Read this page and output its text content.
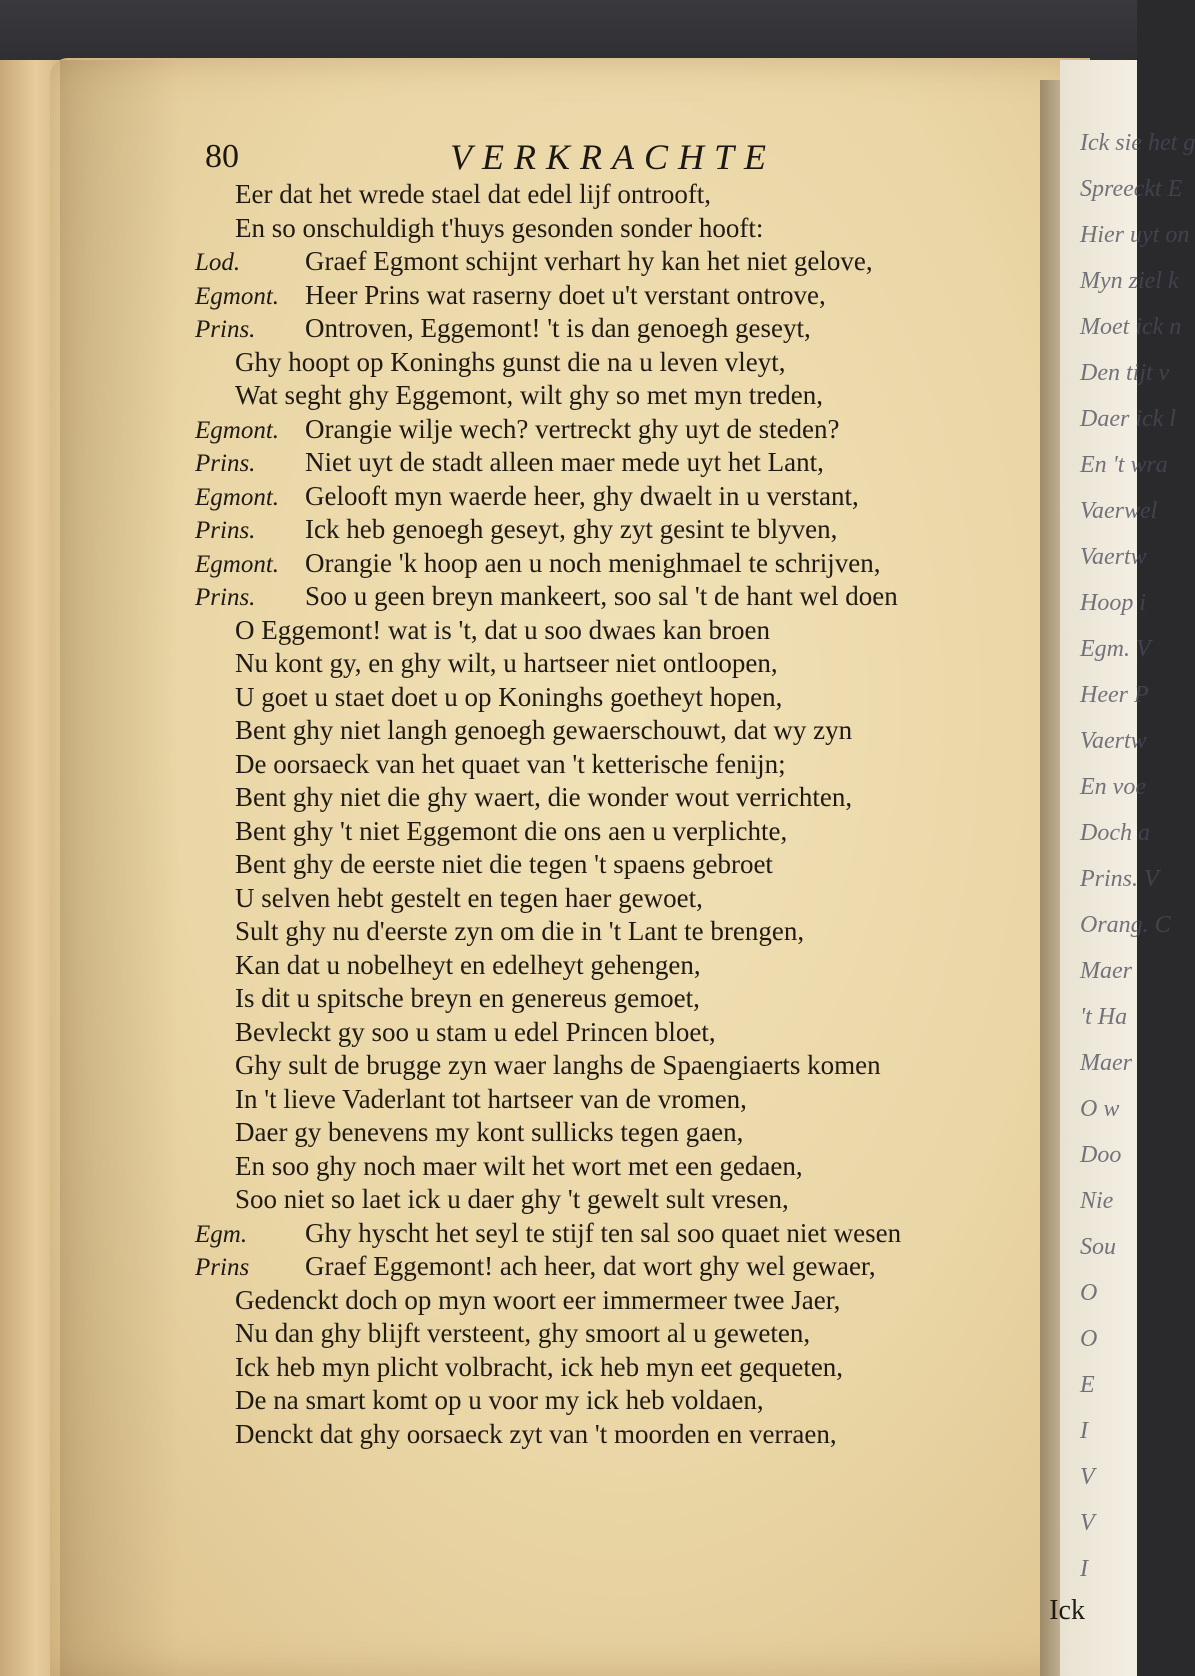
Ick sie het g
Spreeckt E
Hier uyt on
Myn ziel k
Moet ick n
Den tijt v
Daer ick l
En 't wra
Vaerwel
Vaertw
Hoop i
Egm. V
Heer P
Vaertw
En voe
Doch a
Prins. V
Orang. C
Maer
't Ha
Maer
O w
Doo
Nie
Sou
O
O
E
I
V
V
I
80	VERKRACHTE
Eer dat het wrede stael dat edel lijf ontrooft,
En so onschuldigh t'huys gesonden sonder hooft:
Lod. Graef Egmont schijnt verhart hy kan het niet gelove,
Egmont. Heer Prins wat raserny doet u't verstant ontrove,
Prins. Ontroven, Eggemont! 't is dan genoegh geseyt,
Ghy hoopt op Koninghs gunst die na u leven vleyt,
Wat seght ghy Eggemont, wilt ghy so met myn treden,
Egmont. Orangie wilje wech? vertreckt ghy uyt de steden?
Prins. Niet uyt de stadt alleen maer mede uyt het Lant,
Egmont. Gelooft myn waerde heer, ghy dwaelt in u verstant,
Prins. Ick heb genoegh geseyt, ghy zyt gesint te blyven,
Egmont. Orangie 'k hoop aen u noch menighmael te schrijven,
Prins. Soo u geen breyn mankeert, soo sal 't de hant wel doen
O Eggemont! wat is 't, dat u soo dwaes kan broen
Nu kont gy, en ghy wilt, u hartseer niet ontloopen,
U goet u staet doet u op Koninghs goetheyt hopen,
Bent ghy niet langh genoegh gewaerschouwt, dat wy zyn
De oorsaeck van het quaet van 't ketterische fenijn;
Bent ghy niet die ghy waert, die wonder wout verrichten,
Bent ghy 't niet Eggemont die ons aen u verplichte,
Bent ghy de eerste niet die tegen 't spaens gebroet
U selven hebt gestelt en tegen haer gewoet,
Sult ghy nu d'eerste zyn om die in 't Lant te brengen,
Kan dat u nobelheyt en edelheyt gehengen,
Is dit u spitsche breyn en genereus gemoet,
Bevleckt gy soo u stam u edel Princen bloet,
Ghy sult de brugge zyn waer langhs de Spaengiaerts komen
In 't lieve Vaderlant tot hartseer van de vromen,
Daer gy benevens my kont sullicks tegen gaen,
En soo ghy noch maer wilt het wort met een gedaen,
Soo niet so laet ick u daer ghy 't gewelt sult vresen,
Egm. Ghy hyscht het seyl te stijf ten sal soo quaet niet wesen
Prins Graef Eggemont! ach heer, dat wort ghy wel gewaer,
Gedenckt doch op myn woort eer immermeer twee Jaer,
Nu dan ghy blijft versteent, ghy smoort al u geweten,
Ick heb myn plicht volbracht, ick heb myn eet gequeten,
De na smart komt op u voor my ick heb voldaen,
Denckt dat ghy oorsaeck zyt van 't moorden en verraen,
Ick
